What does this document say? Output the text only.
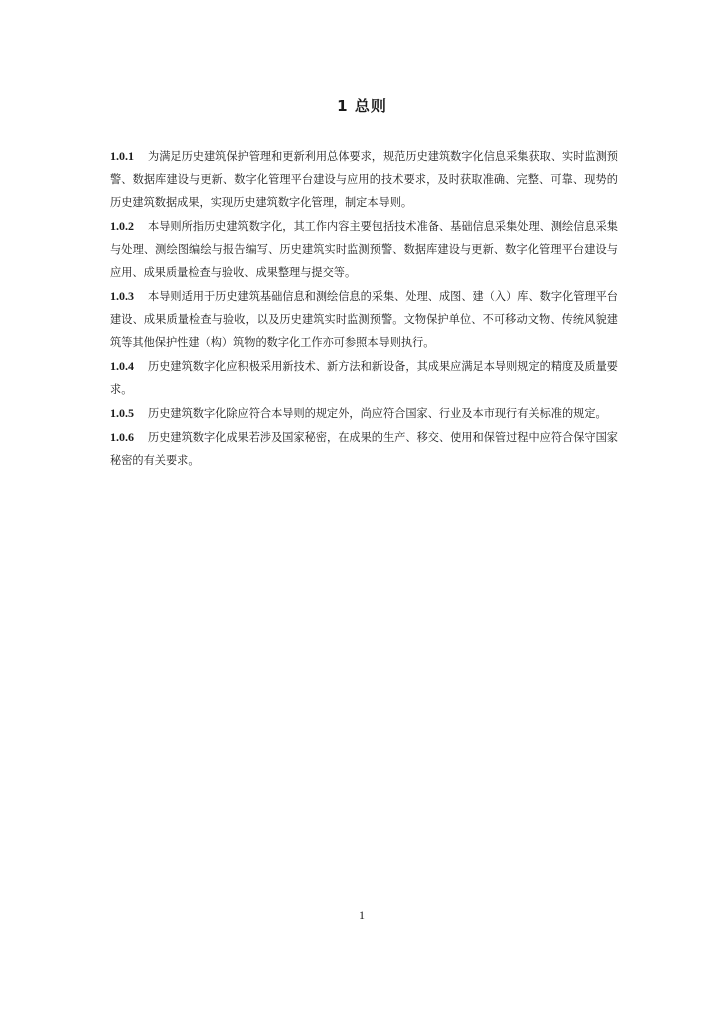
1 总则

1.0.1 为满足历史建筑保护管理和更新利用总体要求，规范历史建筑数字化信息采集获取、实时监测预警、数据库建设与更新、数字化管理平台建设与应用的技术要求，及时获取准确、完整、可靠、现势的历史建筑数据成果，实现历史建筑数字化管理，制定本导则。

1.0.2 本导则所指历史建筑数字化，其工作内容主要包括技术准备、基础信息采集处理、测绘信息采集与处理、测绘图编绘与报告编写、历史建筑实时监测预警、数据库建设与更新、数字化管理平台建设与应用、成果质量检查与验收、成果整理与提交等。

1.0.3 本导则适用于历史建筑基础信息和测绘信息的采集、处理、成图、建（入）库、数字化管理平台建设、成果质量检查与验收，以及历史建筑实时监测预警。文物保护单位、不可移动文物、传统风貌建筑等其他保护性建（构）筑物的数字化工作亦可参照本导则执行。

1.0.4 历史建筑数字化应积极采用新技术、新方法和新设备，其成果应满足本导则规定的精度及质量要求。

1.0.5 历史建筑数字化除应符合本导则的规定外，尚应符合国家、行业及本市现行有关标准的规定。

1.0.6 历史建筑数字化成果若涉及国家秘密，在成果的生产、移交、使用和保管过程中应符合保守国家秘密的有关要求。

1
